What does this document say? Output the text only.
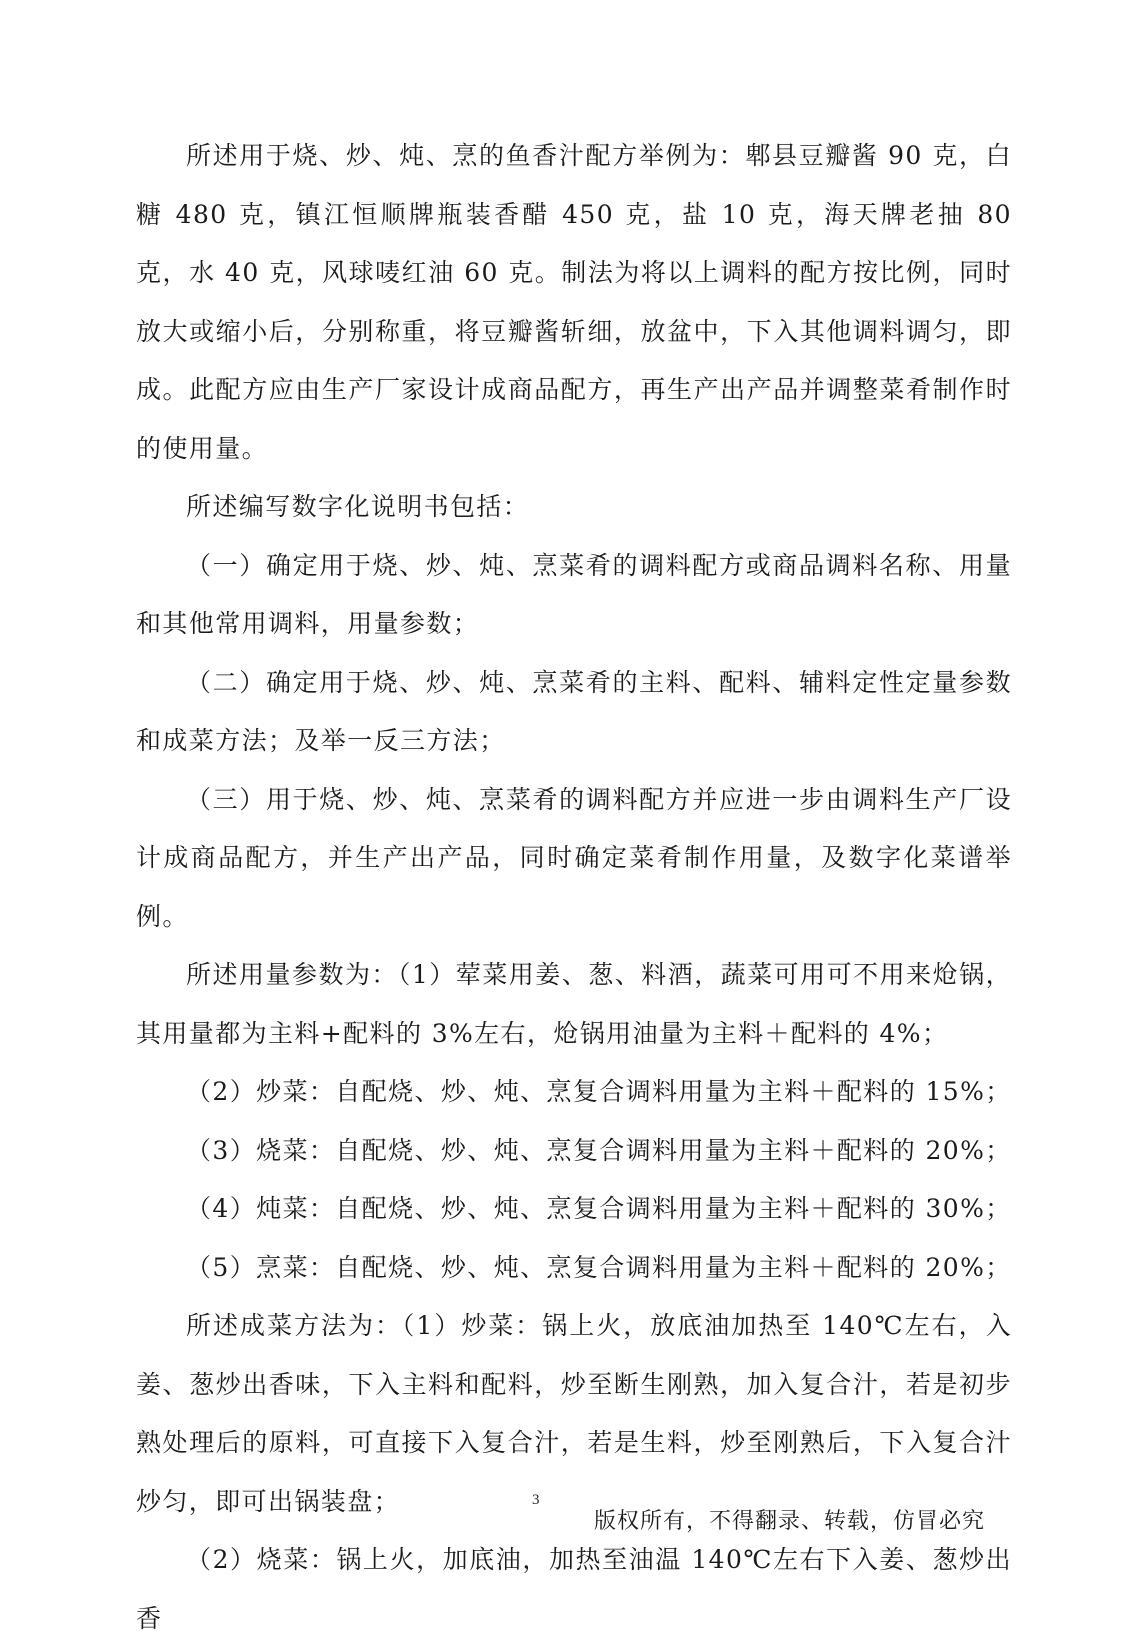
所述用于烧、炒、炖、烹的鱼香汁配方举例为：郫县豆瓣酱 90 克，白糖 480 克，镇江恒顺牌瓶装香醋 450 克，盐 10 克，海天牌老抽 80 克，水 40 克，风球唛红油 60 克。制法为将以上调料的配方按比例，同时放大或缩小后，分别称重，将豆瓣酱斩细，放盆中，下入其他调料调匀，即成。此配方应由生产厂家设计成商品配方，再生产出产品并调整菜肴制作时的使用量。

所述编写数字化说明书包括：

（一）确定用于烧、炒、炖、烹菜肴的调料配方或商品调料名称、用量和其他常用调料，用量参数；

（二）确定用于烧、炒、炖、烹菜肴的主料、配料、辅料定性定量参数和成菜方法；及举一反三方法；

（三）用于烧、炒、炖、烹菜肴的调料配方并应进一步由调料生产厂设计成商品配方，并生产出产品，同时确定菜肴制作用量，及数字化菜谱举例。

所述用量参数为：（1）荤菜用姜、葱、料酒，蔬菜可用可不用来炝锅，其用量都为主料+配料的 3%左右，炝锅用油量为主料＋配料的 4%；

（2）炒菜：自配烧、炒、炖、烹复合调料用量为主料＋配料的 15%；

（3）烧菜：自配烧、炒、炖、烹复合调料用量为主料＋配料的 20%；

（4）炖菜：自配烧、炒、炖、烹复合调料用量为主料＋配料的 30%；

（5）烹菜：自配烧、炒、炖、烹复合调料用量为主料＋配料的 20%；

所述成菜方法为：（1）炒菜：锅上火，放底油加热至 140℃左右，入姜、葱炒出香味，下入主料和配料，炒至断生刚熟，加入复合汁，若是初步熟处理后的原料，可直接下入复合汁，若是生料，炒至刚熟后，下入复合汁炒匀，即可出锅装盘；

（2）烧菜：锅上火，加底油，加热至油温 140℃左右下入姜、葱炒出香

3
版权所有，不得翻录、转载，仿冒必究
